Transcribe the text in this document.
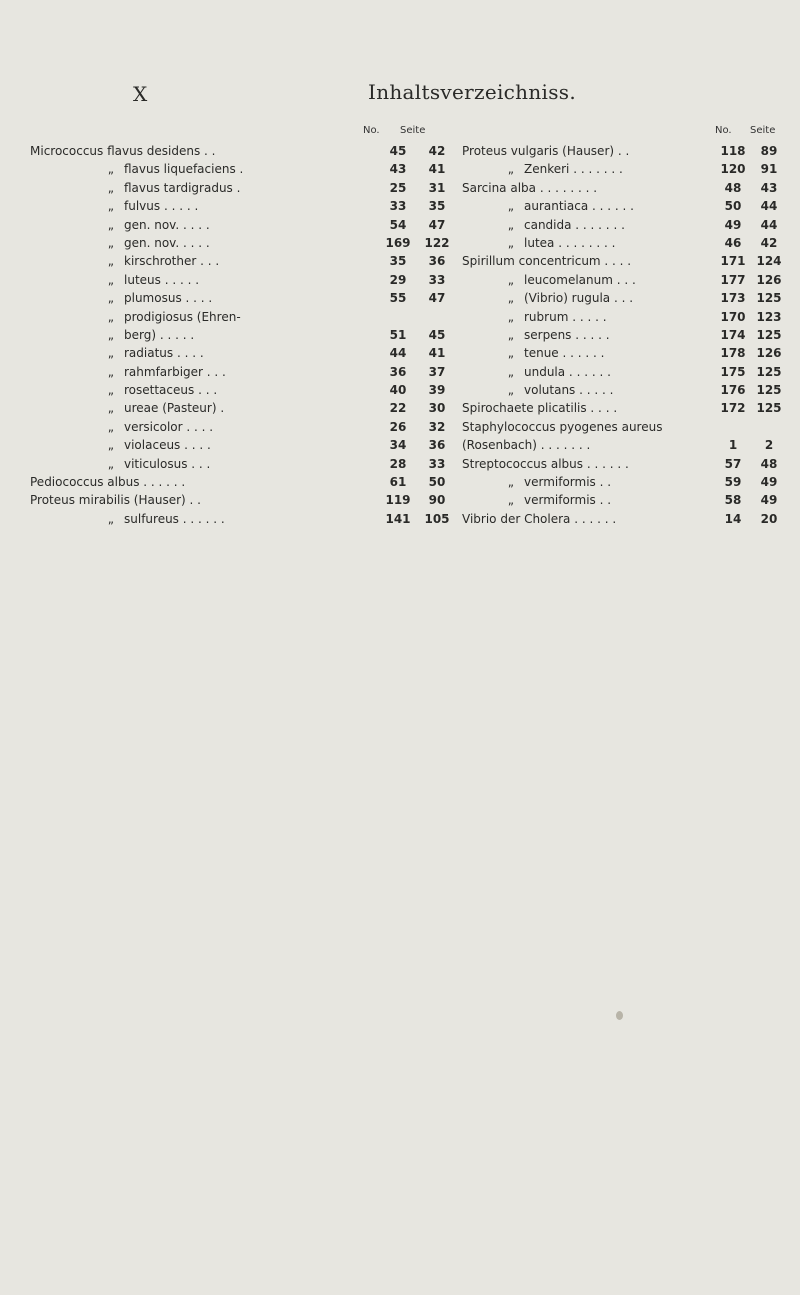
X	Inhaltsverzeichniss.
No. Seite	No. Seite
Micrococcus flavus desidens . .	45	42
„ flavus liquefaciens .	43	41
„ flavus tardigradus .	25	31
„ fulvus . . . . .	33	35
„ gen. nov. . . . .	54	47
„ gen. nov. . . . .	169 122
„ kirschrother . . .	35	36
„ luteus . . . . .	29	33
„ plumosus . . . .	55	47
„ prodigiosus (Ehren-
„ berg) . . . . .	51	45
„ radiatus . . . .	44	41
„ rahmfarbiger . . .	36	37
„ rosettaceus . . .	40	39
„ ureae (Pasteur) .	22	30
„ versicolor . . . .	26	32
„ violaceus . . . .	34	36
„ viticulosus . . .	28	33
Pediococcus albus . . . . . .	61	50
Proteus mirabilis (Hauser) . .	119	90
„ sulfureus . . . . . .	141 105
Proteus vulgaris (Hauser) . .	118	89
„ Zenkeri . . . . . . .	120	91
Sarcina alba . . . . . . . .	48	43
„ aurantiaca . . . . . .	50	44
„ candida . . . . . . .	49	44
„ lutea . . . . . . . .	46	42
Spirillum concentricum . . . .	171 124
„ leucomelanum . . .	177 126
„ (Vibrio) rugula . . .	173 125
„ rubrum . . . . .	170 123
„ serpens . . . . .	174 125
„ tenue . . . . . .	178 126
„ undula . . . . . .	175 125
„ volutans . . . . .	176 125
Spirochaete plicatilis . . . .	172 125
Staphylococcus pyogenes aureus
(Rosenbach) . . . . . . .	1	2
Streptococcus albus . . . . . .	57	48
„ vermiformis . .	59	49
„ vermiformis . .	58	49
Vibrio der Cholera . . . . . .	14	20
